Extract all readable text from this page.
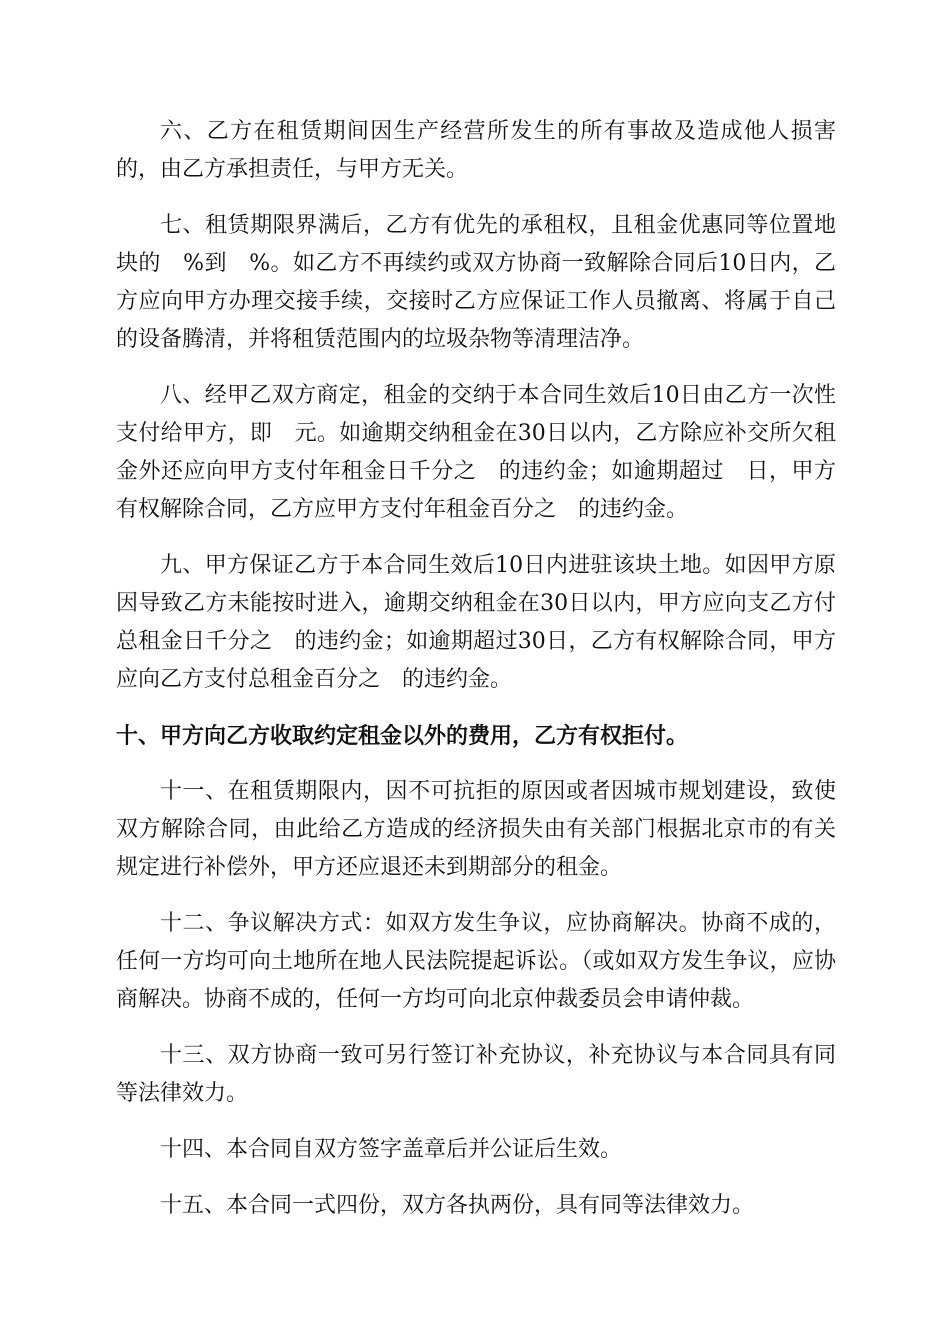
六、乙方在租赁期间因生产经营所发生的所有事故及造成他人损害的，由乙方承担责任，与甲方无关。

七、租赁期限界满后，乙方有优先的承租权，且租金优惠同等位置地块的　%到　%。如乙方不再续约或双方协商一致解除合同后10日内，乙方应向甲方办理交接手续，交接时乙方应保证工作人员撤离、将属于自己的设备腾清，并将租赁范围内的垃圾杂物等清理洁净。

八、经甲乙双方商定，租金的交纳于本合同生效后10日由乙方一次性支付给甲方，即　元。如逾期交纳租金在30日以内，乙方除应补交所欠租金外还应向甲方支付年租金日千分之　的违约金；如逾期超过　日，甲方有权解除合同，乙方应甲方支付年租金百分之　的违约金。

九、甲方保证乙方于本合同生效后10日内进驻该块土地。如因甲方原因导致乙方未能按时进入，逾期交纳租金在30日以内，甲方应向支乙方付总租金日千分之　的违约金；如逾期超过30日，乙方有权解除合同，甲方应向乙方支付总租金百分之　的违约金。

十、甲方向乙方收取约定租金以外的费用，乙方有权拒付。

十一、在租赁期限内，因不可抗拒的原因或者因城市规划建设，致使双方解除合同，由此给乙方造成的经济损失由有关部门根据北京市的有关规定进行补偿外，甲方还应退还未到期部分的租金。

十二、争议解决方式：如双方发生争议，应协商解决。协商不成的，任何一方均可向土地所在地人民法院提起诉讼。（或如双方发生争议，应协商解决。协商不成的，任何一方均可向北京仲裁委员会申请仲裁。

十三、双方协商一致可另行签订补充协议，补充协议与本合同具有同等法律效力。

十四、本合同自双方签字盖章后并公证后生效。

十五、本合同一式四份，双方各执两份，具有同等法律效力。
